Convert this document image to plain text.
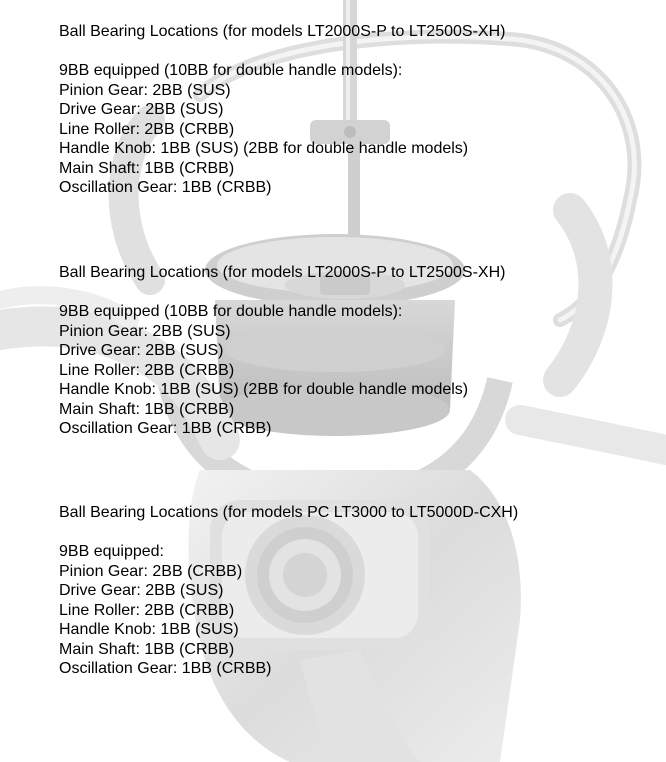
Ball Bearing Locations (for models LT2000S-P to LT2500S-XH)
9BB equipped (10BB for double handle models):
Pinion Gear: 2BB (SUS)
Drive Gear: 2BB (SUS)
Line Roller: 2BB (CRBB)
Handle Knob: 1BB (SUS) (2BB for double handle models)
Main Shaft: 1BB (CRBB)
Oscillation Gear: 1BB (CRBB)
Ball Bearing Locations (for models LT2000S-P to LT2500S-XH)
9BB equipped (10BB for double handle models):
Pinion Gear: 2BB (SUS)
Drive Gear: 2BB (SUS)
Line Roller: 2BB (CRBB)
Handle Knob: 1BB (SUS) (2BB for double handle models)
Main Shaft: 1BB (CRBB)
Oscillation Gear: 1BB (CRBB)
Ball Bearing Locations (for models PC LT3000 to LT5000D-CXH)
9BB equipped:
Pinion Gear: 2BB (CRBB)
Drive Gear: 2BB (SUS)
Line Roller: 2BB (CRBB)
Handle Knob: 1BB (SUS)
Main Shaft: 1BB (CRBB)
Oscillation Gear: 1BB (CRBB)
